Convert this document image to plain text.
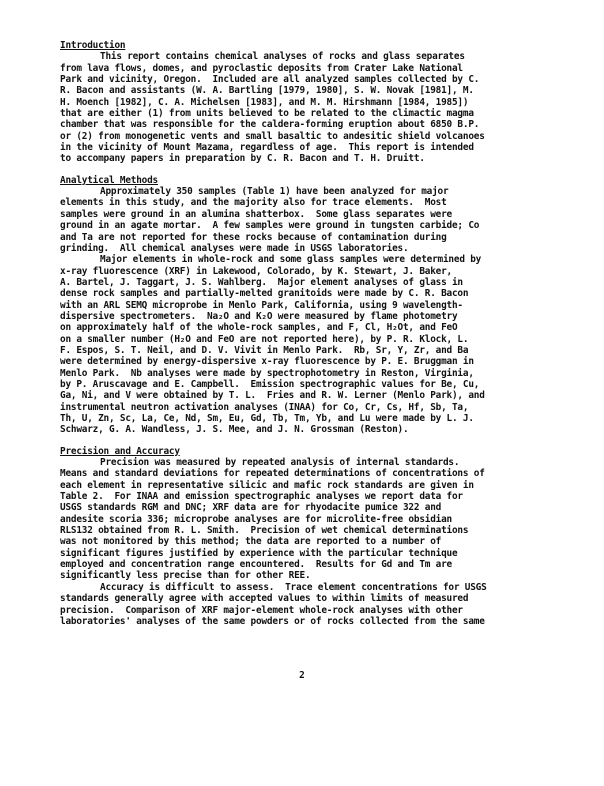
Introduction

This report contains chemical analyses of rocks and glass separates

from lava flows, domes, and pyroclastic deposits from Crater Lake National

Park and vicinity, Oregon.  Included are all analyzed samples collected by C.

R. Bacon and assistants (W. A. Bartling [1979, 1980], S. W. Novak [1981], M.

H. Moench [1982], C. A. Michelsen [1983], and M. M. Hirshmann [1984, 1985])

that are either (1) from units believed to be related to the climactic magma

chamber that was responsible for the caldera-forming eruption about 6850 B.P.

or (2) from monogenetic vents and small basaltic to andesitic shield volcanoes

in the vicinity of Mount Mazama, regardless of age.  This report is intended

to accompany papers in preparation by C. R. Bacon and T. H. Druitt.

Analytical Methods

Approximately 350 samples (Table 1) have been analyzed for major

elements in this study, and the majority also for trace elements.  Most

samples were ground in an alumina shatterbox.  Some glass separates were

ground in an agate mortar.  A few samples were ground in tungsten carbide; Co

and Ta are not reported for these rocks because of contamination during

grinding.  All chemical analyses were made in USGS laboratories.

Major elements in whole-rock and some glass samples were determined by

x-ray fluorescence (XRF) in Lakewood, Colorado, by K. Stewart, J. Baker,

A. Bartel, J. Taggart, J. S. Wahlberg.  Major element analyses of glass in

dense rock samples and partially-melted granitoids were made by C. R. Bacon

with an ARL SEMQ microprobe in Menlo Park, California, using 9 wavelength-

dispersive spectrometers.  Na₂O and K₂O were measured by flame photometry

on approximately half of the whole-rock samples, and F, Cl, H₂Ot, and FeO

on a smaller number (H₂O and FeO are not reported here), by P. R. Klock, L.

F. Espos, S. T. Neil, and D. V. Vivit in Menlo Park.  Rb, Sr, Y, Zr, and Ba

were determined by energy-dispersive x-ray fluorescence by P. E. Bruggman in

Menlo Park.  Nb analyses were made by spectrophotometry in Reston, Virginia,

by P. Aruscavage and E. Campbell.  Emission spectrographic values for Be, Cu,

Ga, Ni, and V were obtained by T. L.  Fries and R. W. Lerner (Menlo Park), and

instrumental neutron activation analyses (INAA) for Co, Cr, Cs, Hf, Sb, Ta,

Th, U, Zn, Sc, La, Ce, Nd, Sm, Eu, Gd, Tb, Tm, Yb, and Lu were made by L. J.

Schwarz, G. A. Wandless, J. S. Mee, and J. N. Grossman (Reston).

Precision and Accuracy

Precision was measured by repeated analysis of internal standards.

Means and standard deviations for repeated determinations of concentrations of

each element in representative silicic and mafic rock standards are given in

Table 2.  For INAA and emission spectrographic analyses we report data for

USGS standards RGM and DNC; XRF data are for rhyodacite pumice 322 and

andesite scoria 336; microprobe analyses are for microlite-free obsidian

RLS132 obtained from R. L. Smith.  Precision of wet chemical determinations

was not monitored by this method; the data are reported to a number of

significant figures justified by experience with the particular technique

employed and concentration range encountered.  Results for Gd and Tm are

significantly less precise than for other REE.

Accuracy is difficult to assess.  Trace element concentrations for USGS

standards generally agree with accepted values to within limits of measured

precision.  Comparison of XRF major-element whole-rock analyses with other

laboratories' analyses of the same powders or of rocks collected from the same

2
